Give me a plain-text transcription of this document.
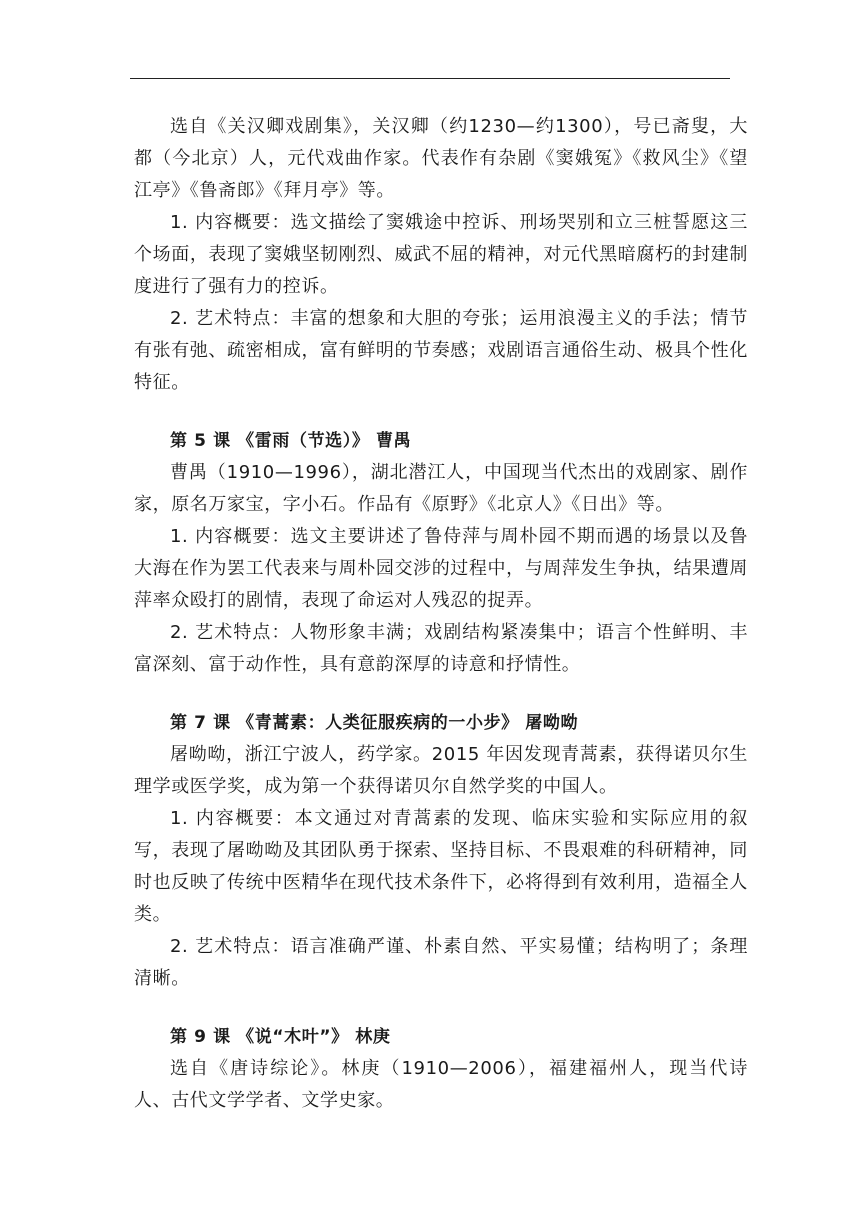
选自《关汉卿戏剧集》，关汉卿（约1230—约1300），号已斋叟，大都（今北京）人，元代戏曲作家。代表作有杂剧《窦娥冤》《救风尘》《望江亭》《鲁斋郎》《拜月亭》等。

1. 内容概要：选文描绘了窦娥途中控诉、刑场哭别和立三桩誓愿这三个场面，表现了窦娥坚韧刚烈、威武不屈的精神，对元代黑暗腐朽的封建制度进行了强有力的控诉。

2. 艺术特点：丰富的想象和大胆的夸张；运用浪漫主义的手法；情节有张有弛、疏密相成，富有鲜明的节奏感；戏剧语言通俗生动、极具个性化特征。

第 5 课 《雷雨（节选）》 曹禺

曹禺（1910—1996），湖北潜江人，中国现当代杰出的戏剧家、剧作家，原名万家宝，字小石。作品有《原野》《北京人》《日出》等。

1. 内容概要：选文主要讲述了鲁侍萍与周朴园不期而遇的场景以及鲁大海在作为罢工代表来与周朴园交涉的过程中，与周萍发生争执，结果遭周萍率众殴打的剧情，表现了命运对人残忍的捉弄。

2. 艺术特点：人物形象丰满；戏剧结构紧凑集中；语言个性鲜明、丰富深刻、富于动作性，具有意韵深厚的诗意和抒情性。

第 7 课 《青蒿素：人类征服疾病的一小步》 屠呦呦

屠呦呦，浙江宁波人，药学家。2015 年因发现青蒿素，获得诺贝尔生理学或医学奖，成为第一个获得诺贝尔自然学奖的中国人。

1. 内容概要：本文通过对青蒿素的发现、临床实验和实际应用的叙写，表现了屠呦呦及其团队勇于探索、坚持目标、不畏艰难的科研精神，同时也反映了传统中医精华在现代技术条件下，必将得到有效利用，造福全人类。

2. 艺术特点：语言准确严谨、朴素自然、平实易懂；结构明了；条理清晰。

第 9 课 《说“木叶”》 林庚

选自《唐诗综论》。林庚（1910—2006），福建福州人，现当代诗人、古代文学学者、文学史家。
